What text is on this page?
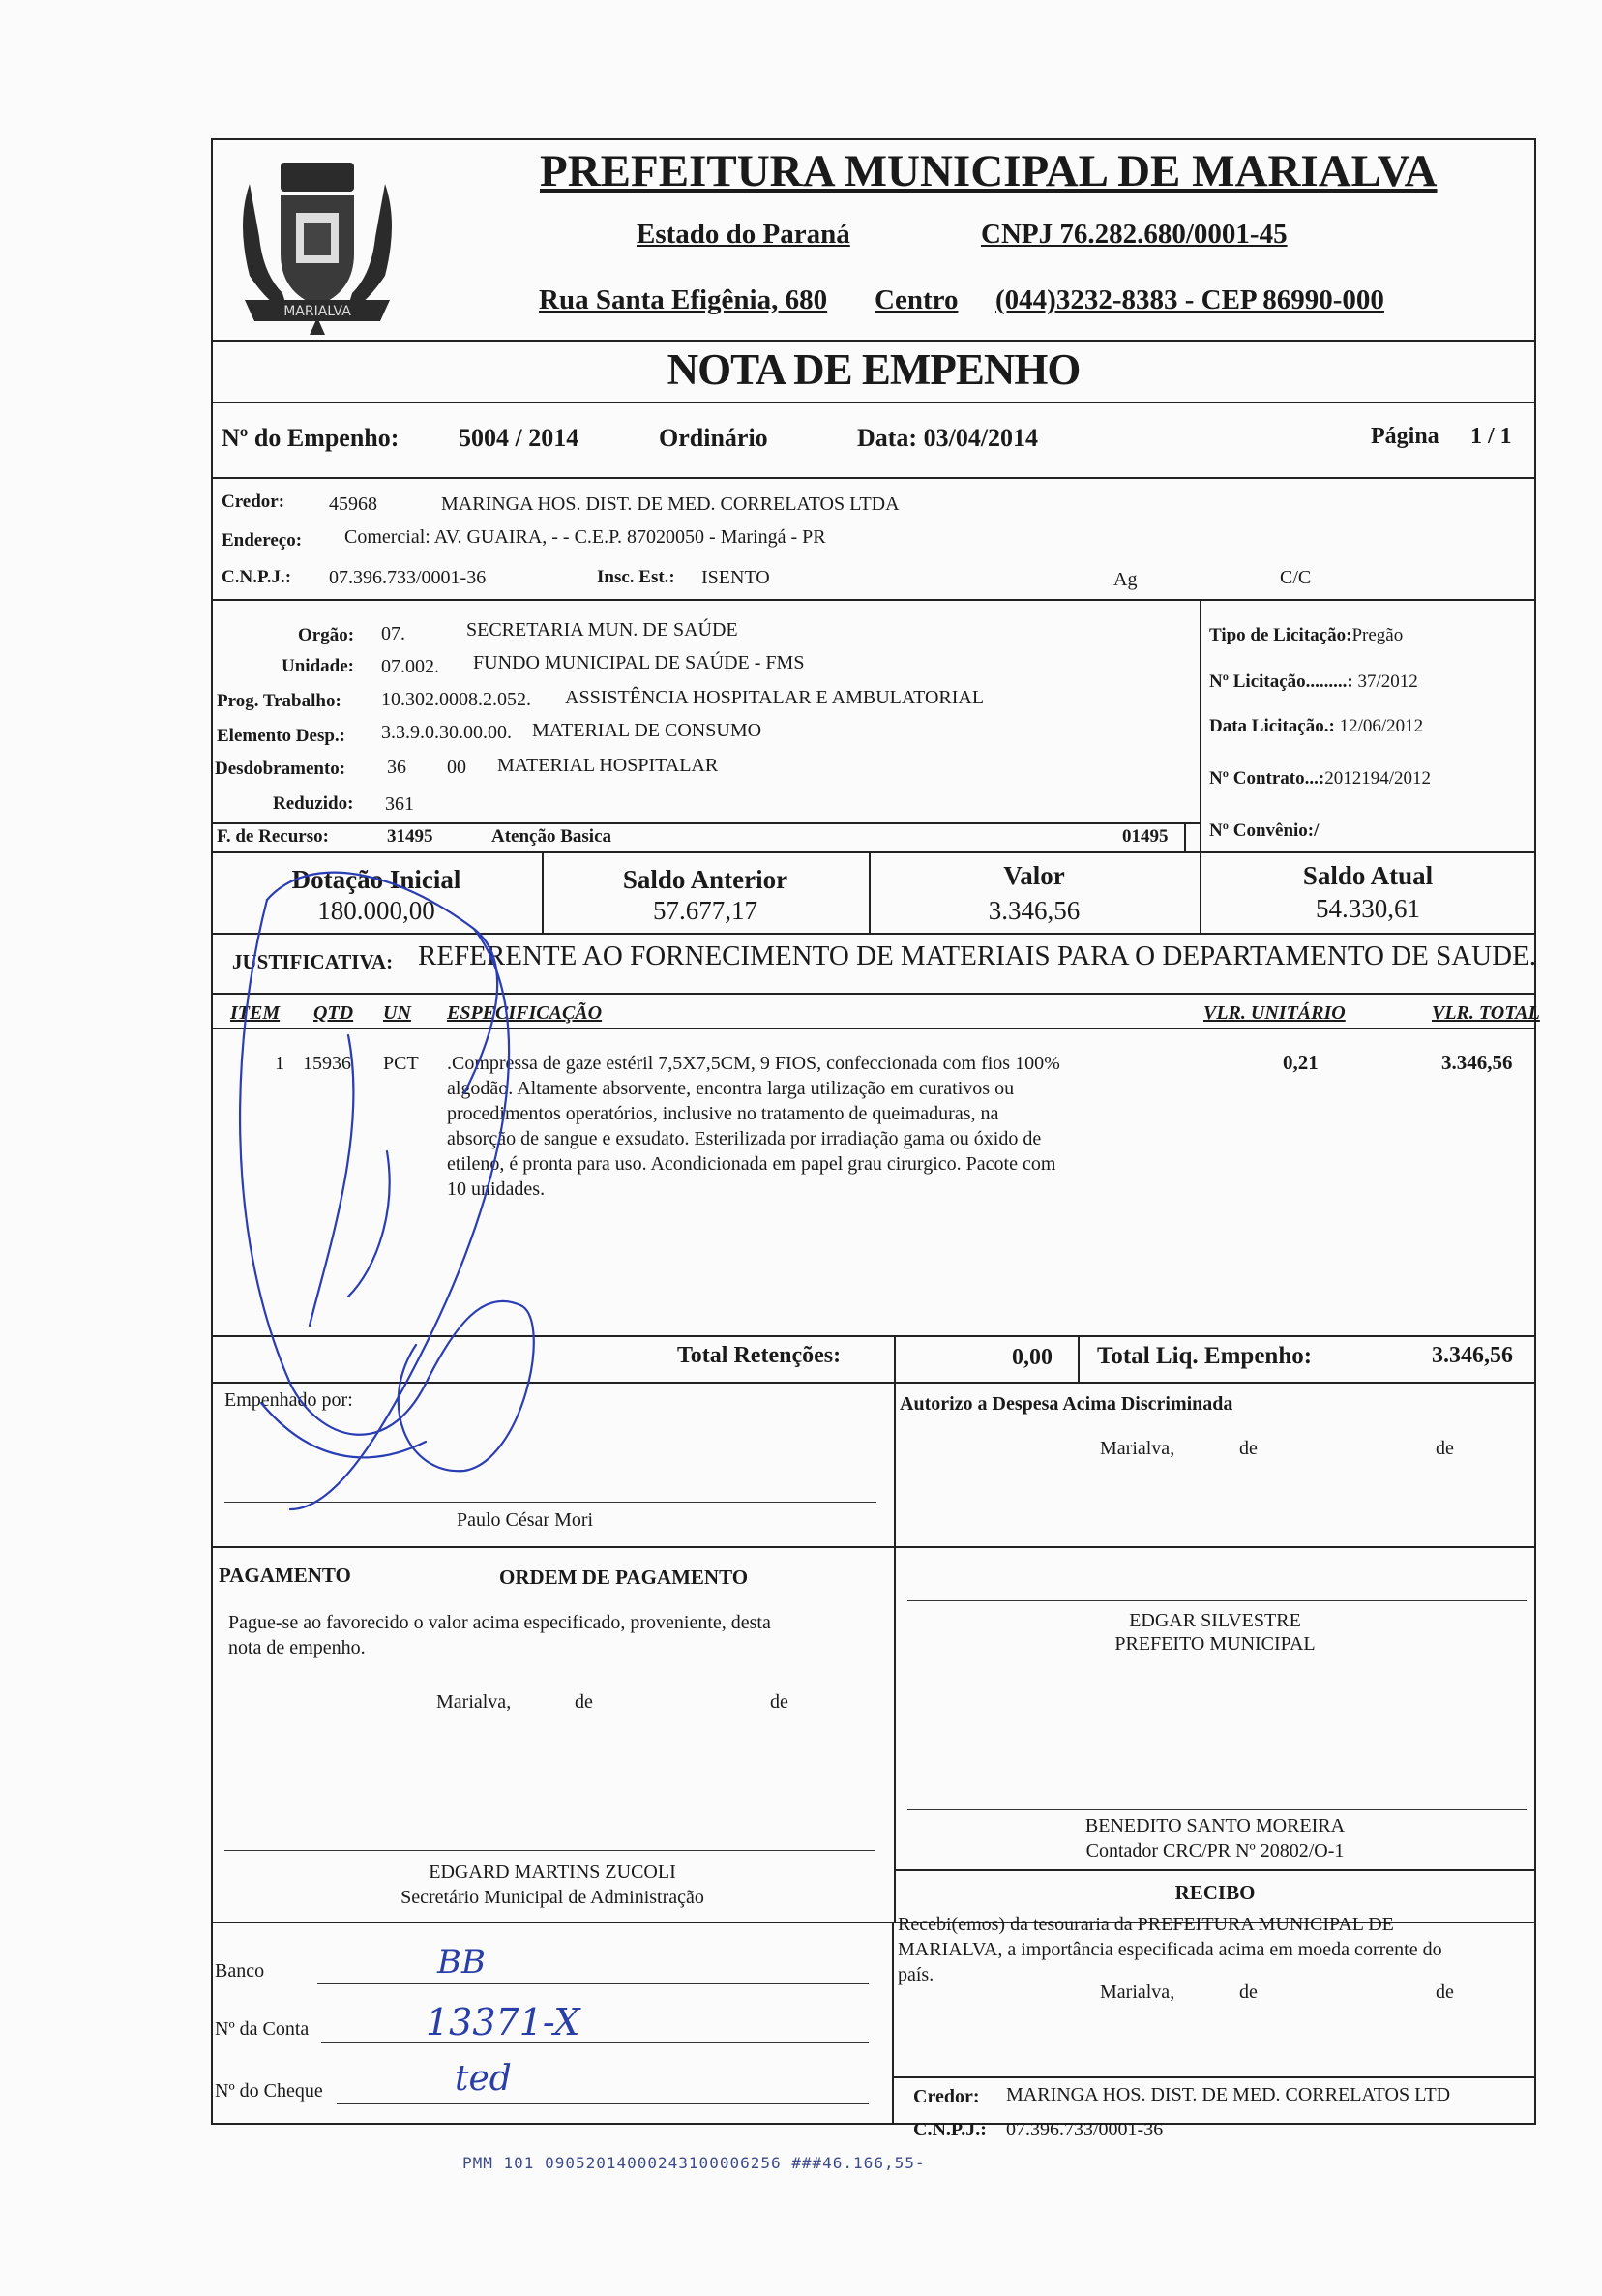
MARIALVA
PREFEITURA MUNICIPAL DE MARIALVA
Estado do Paraná	CNPJ 76.282.680/0001-45
Rua Santa Efigênia, 680 Centro (044)3232-8383 - CEP 86990-000
NOTA DE EMPENHO
Nº do Empenho: 5004 / 2014	Ordinário	Data: 03/04/2014	Página 1 / 1
Credor: 45968	MARINGA HOS. DIST. DE MED. CORRELATOS LTDA
Endereço: Comercial: AV. GUAIRA, - - C.E.P. 87020050 - Maringá - PR
C.N.P.J.: 07.396.733/0001-36	Insc. Est.: ISENTO	Ag	C/C
Orgão: 07.	SECRETARIA MUN. DE SAÚDE
Unidade: 07.002. FUNDO MUNICIPAL DE SAÚDE - FMS
Prog. Trabalho: 10.302.0008.2.052. ASSISTÊNCIA HOSPITALAR E AMBULATORIAL
Elemento Desp.: 3.3.9.0.30.00.00. MATERIAL DE CONSUMO
Desdobramento: 36 00 MATERIAL HOSPITALAR
Reduzido: 361
F. de Recurso:	31495	Atenção Basica	01495
Tipo de Licitação:Pregão
Nº Licitação.........: 37/2012
Data Licitação.: 12/06/2012
Nº Contrato...:2012194/2012
Nº Convênio:/
Dotação Inicial
180.000,00
Saldo Anterior
57.677,17
Valor
3.346,56
Saldo Atual
54.330,61
JUSTIFICATIVA: REFERENTE AO FORNECIMENTO DE MATERIAIS PARA O DEPARTAMENTO DE SAUDE.
ITEM QTD UN ESPECIFICAÇÃO	VLR. UNITÁRIO	VLR. TOTAL
1 15936 PCT .Compressa de gaze estéril 7,5X7,5CM, 9 FIOS, confeccionada com fios 100%
algodão. Altamente absorvente, encontra larga utilização em curativos ou
procedimentos operatórios, inclusive no tratamento de queimaduras, na
absorção de sangue e exsudato. Esterilizada por irradiação gama ou óxido de
etileno, é pronta para uso. Acondicionada em papel grau cirurgico. Pacote com
10 unidades.
0,21	3.346,56
Total Retenções:	0,00 Total Liq. Empenho:	3.346,56
Empenhado por:
Paulo César Mori
Autorizo a Despesa Acima Discriminada
Marialva,	de	de
PAGAMENTO	ORDEM DE PAGAMENTO
Pague-se ao favorecido o valor acima especificado, proveniente, desta
nota de empenho.
Marialva,	de	de
EDGARD MARTINS ZUCOLI
Secretário Municipal de Administração
EDGAR SILVESTRE
PREFEITO MUNICIPAL
BENEDITO SANTO MOREIRA
Contador CRC/PR Nº 20802/O-1
RECIBO
Banco	BB
Nº da Conta	13371-X
Nº do Cheque	ted
Recebi(emos) da tesouraria da PREFEITURA MUNICIPAL DE
MARIALVA, a importância especificada acima em moeda corrente do
país.
Marialva,	de	de
Credor: MARINGA HOS. DIST. DE MED. CORRELATOS LTD
C.N.P.J.: 07.396.733/0001-36
PMM 101 09052014000243100006256 ###46.166,55-
